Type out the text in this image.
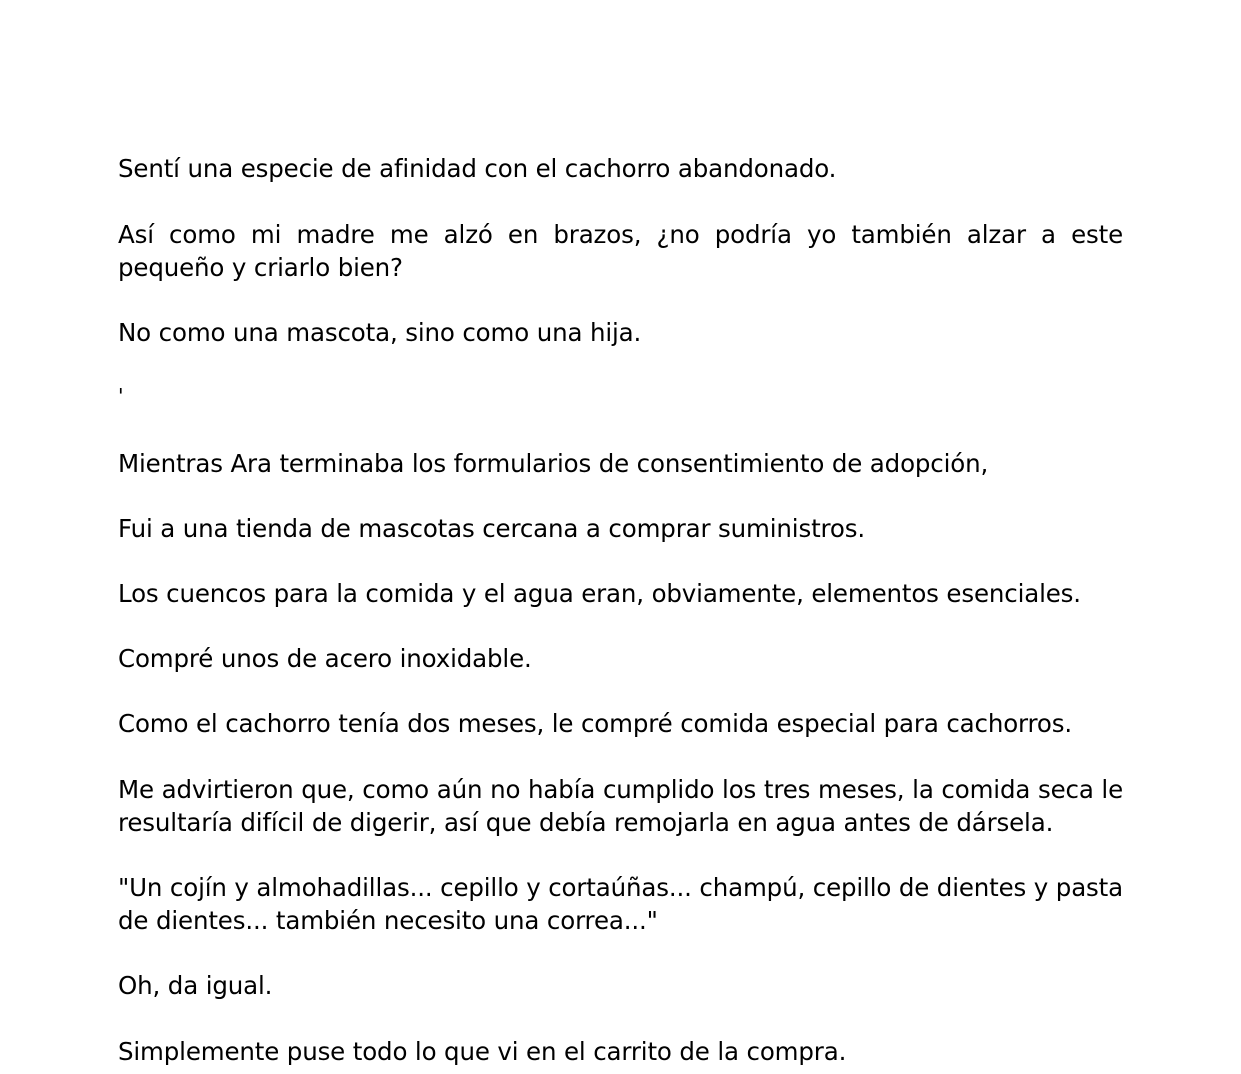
Sentí una especie de afinidad con el cachorro abandonado.

Así como mi madre me alzó en brazos, ¿no podría yo también alzar a este pequeño y criarlo bien?

No como una mascota, sino como una hija.

'

Mientras Ara terminaba los formularios de consentimiento de adopción,

Fui a una tienda de mascotas cercana a comprar suministros.

Los cuencos para la comida y el agua eran, obviamente, elementos esenciales.

Compré unos de acero inoxidable.

Como el cachorro tenía dos meses, le compré comida especial para cachorros.

Me advirtieron que, como aún no había cumplido los tres meses, la comida seca le resultaría difícil de digerir, así que debía remojarla en agua antes de dársela.

"Un cojín y almohadillas... cepillo y cortaúñas... champú, cepillo de dientes y pasta de dientes... también necesito una correa..."

Oh, da igual.

Simplemente puse todo lo que vi en el carrito de la compra.
